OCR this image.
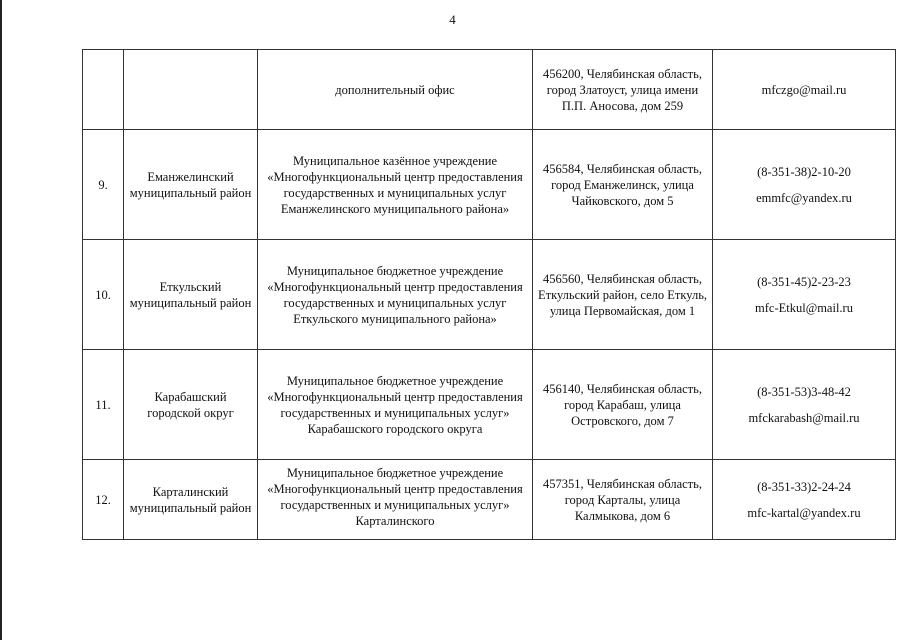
4
		дополнительный офис	456200, Челябинская область, город Златоуст, улица имени П.П. Аносова, дом 259	mfczgo@mail.ru

9.	Еманжелинский муниципальный район	Муниципальное казённое учреждение «Многофункциональный центр предоставления государственных и муниципальных услуг Еманжелинского муниципального района»	456584, Челябинская область, город Еманжелинск, улица Чайковского, дом 5	(8-351-38)2-10-20
emmfc@yandex.ru

10.	Еткульский муниципальный район	Муниципальное бюджетное учреждение «Многофункциональный центр предоставления государственных и муниципальных услуг Еткульского муниципального района»	456560, Челябинская область, Еткульский район, село Еткуль, улица Первомайская, дом 1	(8-351-45)2-23-23
mfc-Etkul@mail.ru

11.	Карабашский городской округ	Муниципальное бюджетное учреждение «Многофункциональный центр предоставления государственных и муниципальных услуг» Карабашского городского округа	456140, Челябинская область, город Карабаш, улица Островского, дом 7	(8-351-53)3-48-42
mfckarabash@mail.ru

12.	Карталинский муниципальный район	Муниципальное бюджетное учреждение «Многофункциональный центр предоставления государственных и муниципальных услуг» Карталинского	457351, Челябинская область, город Карталы, улица Калмыкова, дом 6	(8-351-33)2-24-24
mfc-kartal@yandex.ru
